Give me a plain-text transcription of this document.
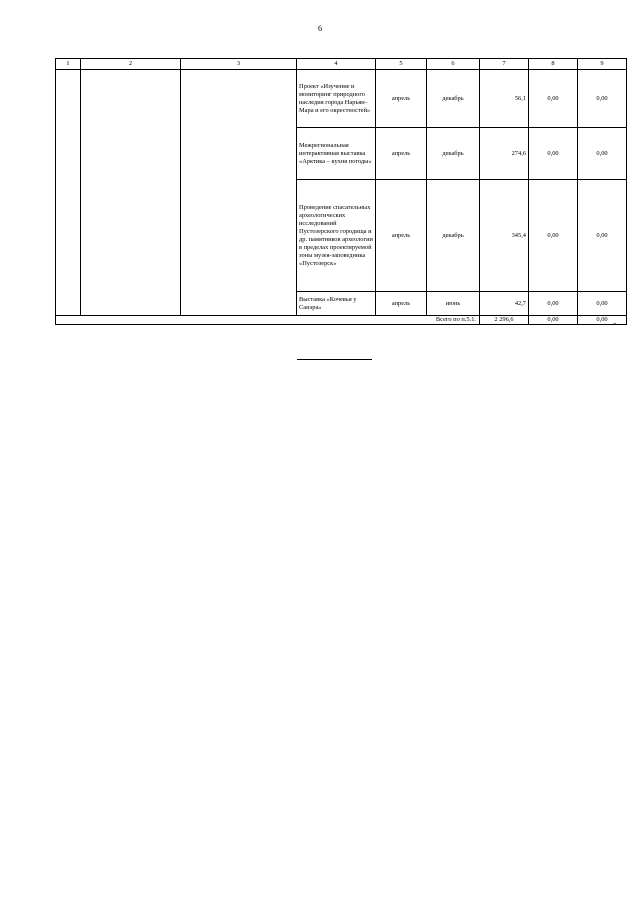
6
1	2	3	4	5	6	7	8	9
			Проект «Изучение и мониторинг природного наследия города Нарьян-Мара и его окрестностей»	апрель	декабрь	56,1	0,00	0,00
			Межрегиональная интерактивная выставка «Арктика – кухня погоды»	апрель	декабрь	274,6	0,00	0,00
			Проведение спасательных археологических исследований Пустозерского городища и др. памятников археологии в пределах проектируемой зоны музея-заповедника «Пустозерск»	апрель	декабрь	345,4	0,00	0,00
			Выставка «Кочевья у Санэра»	апрель	июнь	42,7	0,00	0,00
Всего по п.5.1.						2 296,6	0,00	0,00
».
